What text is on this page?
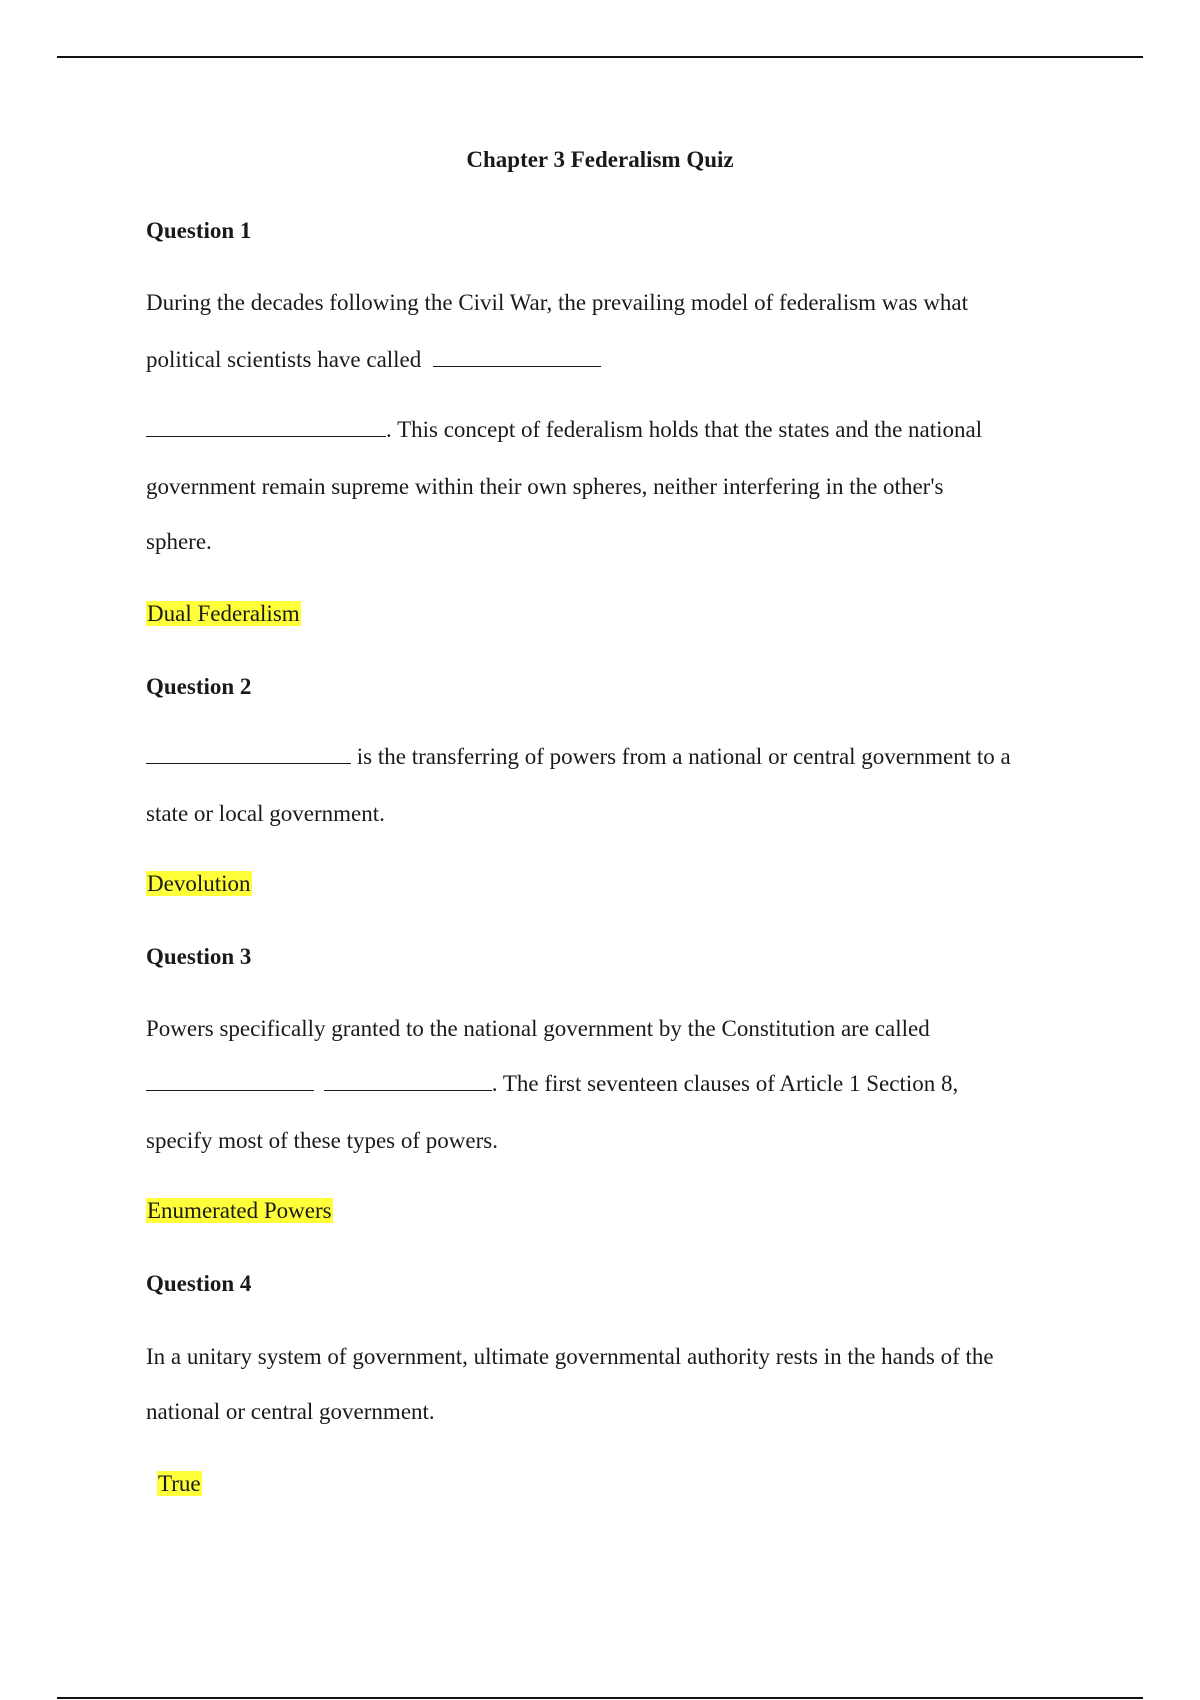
Chapter 3 Federalism Quiz
Question 1
During the decades following the Civil War, the prevailing model of federalism was what
political scientists have called
. This concept of federalism holds that the states and the national
government remain supreme within their own spheres, neither interfering in the other's
sphere.
Dual Federalism
Question 2
is the transferring of powers from a national or central government to a
state or local government.
Devolution
Question 3
Powers specifically granted to the national government by the Constitution are called
. The first seventeen clauses of Article 1 Section 8,
specify most of these types of powers.
Enumerated Powers
Question 4
In a unitary system of government, ultimate governmental authority rests in the hands of the
national or central government.
True
